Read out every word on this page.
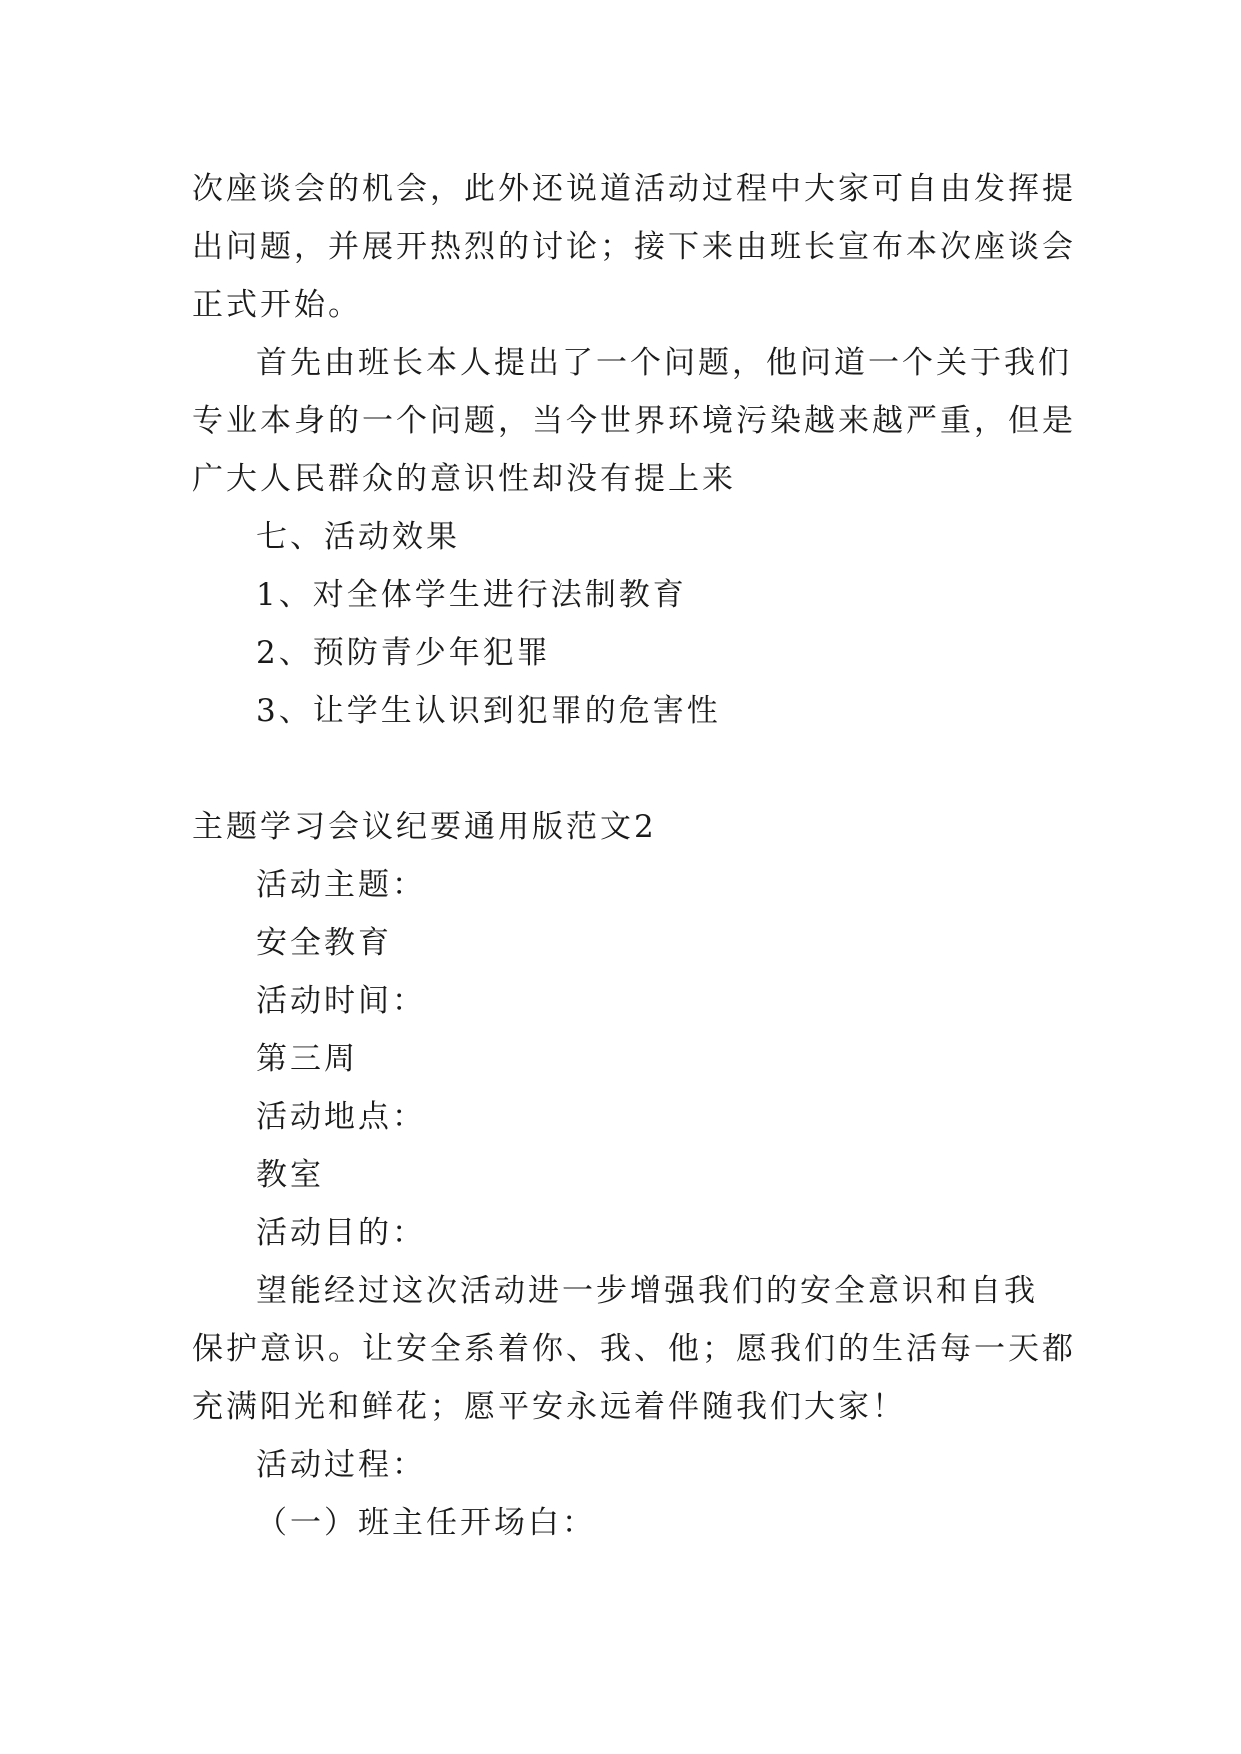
次座谈会的机会，此外还说道活动过程中大家可自由发挥提

出问题，并展开热烈的讨论；接下来由班长宣布本次座谈会

正式开始。

首先由班长本人提出了一个问题，他问道一个关于我们

专业本身的一个问题，当今世界环境污染越来越严重，但是

广大人民群众的意识性却没有提上来

七、活动效果

1、对全体学生进行法制教育

2、预防青少年犯罪

3、让学生认识到犯罪的危害性

主题学习会议纪要通用版范文2

活动主题：

安全教育

活动时间：

第三周

活动地点：

教室

活动目的：

望能经过这次活动进一步增强我们的安全意识和自我

保护意识。让安全系着你、我、他；愿我们的生活每一天都

充满阳光和鲜花；愿平安永远着伴随我们大家！

活动过程：

（一）班主任开场白：
